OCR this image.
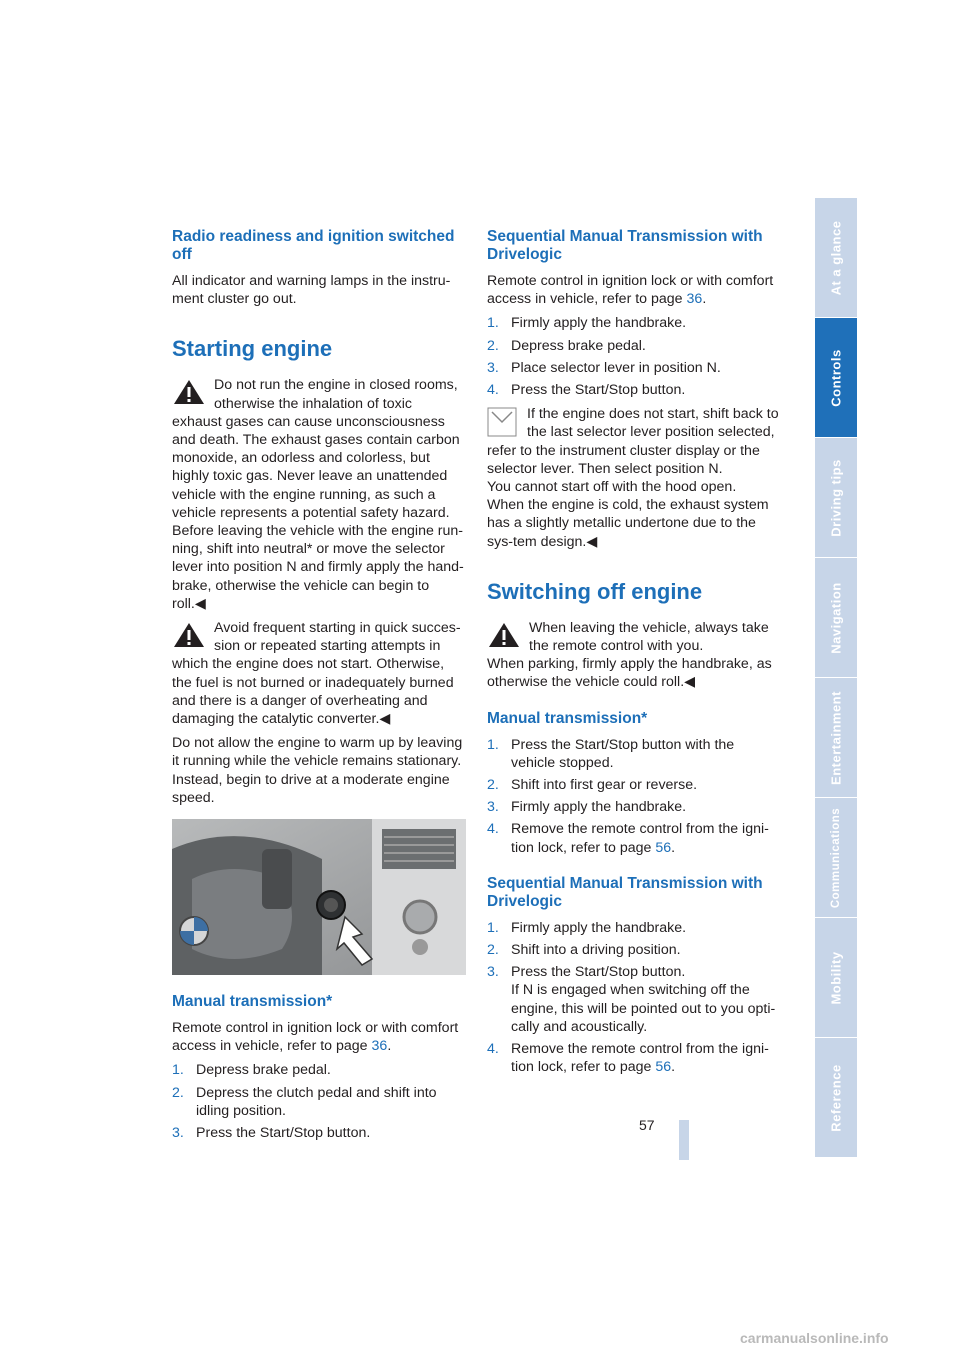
Radio readiness and ignition switched off

All indicator and warning lamps in the instru-ment cluster go out.

Starting engine

Do not run the engine in closed rooms, otherwise the inhalation of toxic exhaust gases can cause unconsciousness and death. The exhaust gases contain carbon monoxide, an odorless and colorless, but highly toxic gas. Never leave an unattended vehicle with the engine running, as such a vehicle represents a potential safety hazard.

Before leaving the vehicle with the engine run-ning, shift into neutral* or move the selector lever into position N and firmly apply the hand-brake, otherwise the vehicle can begin to roll.◀

Avoid frequent starting in quick succes-sion or repeated starting attempts in which the engine does not start. Otherwise, the fuel is not burned or inadequately burned and there is a danger of overheating and damaging the catalytic converter.◀

Do not allow the engine to warm up by leaving it running while the vehicle remains stationary. Instead, begin to drive at a moderate engine speed.

Manual transmission*

Remote control in ignition lock or with comfort access in vehicle, refer to page 36.

1. Depress brake pedal.
2. Depress the clutch pedal and shift into idling position.
3. Press the Start/Stop button.
Sequential Manual Transmission with Drivelogic

Remote control in ignition lock or with comfort access in vehicle, refer to page 36.

1. Firmly apply the handbrake.
2. Depress brake pedal.
3. Place selector lever in position N.
4. Press the Start/Stop button.

If the engine does not start, shift back to the last selector lever position selected, refer to the instrument cluster display or the selector lever. Then select position N.

You cannot start off with the hood open.

When the engine is cold, the exhaust system has a slightly metallic undertone due to the sys-tem design.◀

Switching off engine

When leaving the vehicle, always take the remote control with you.

When parking, firmly apply the handbrake, as otherwise the vehicle could roll.◀

Manual transmission*
1. Press the Start/Stop button with the vehicle stopped.
2. Shift into first gear or reverse.
3. Firmly apply the handbrake.
4. Remove the remote control from the igni-tion lock, refer to page 56.
Sequential Manual Transmission with Drivelogic
1. Firmly apply the handbrake.
2. Shift into a driving position.
3. Press the Start/Stop button.
If N is engaged when switching off the engine, this will be pointed out to you opti-cally and acoustically.
4. Remove the remote control from the igni-tion lock, refer to page 56.
At a glance
Controls
Driving tips
Navigation
Entertainment
Communications
Mobility
Reference
57
carmanualsonline.info
